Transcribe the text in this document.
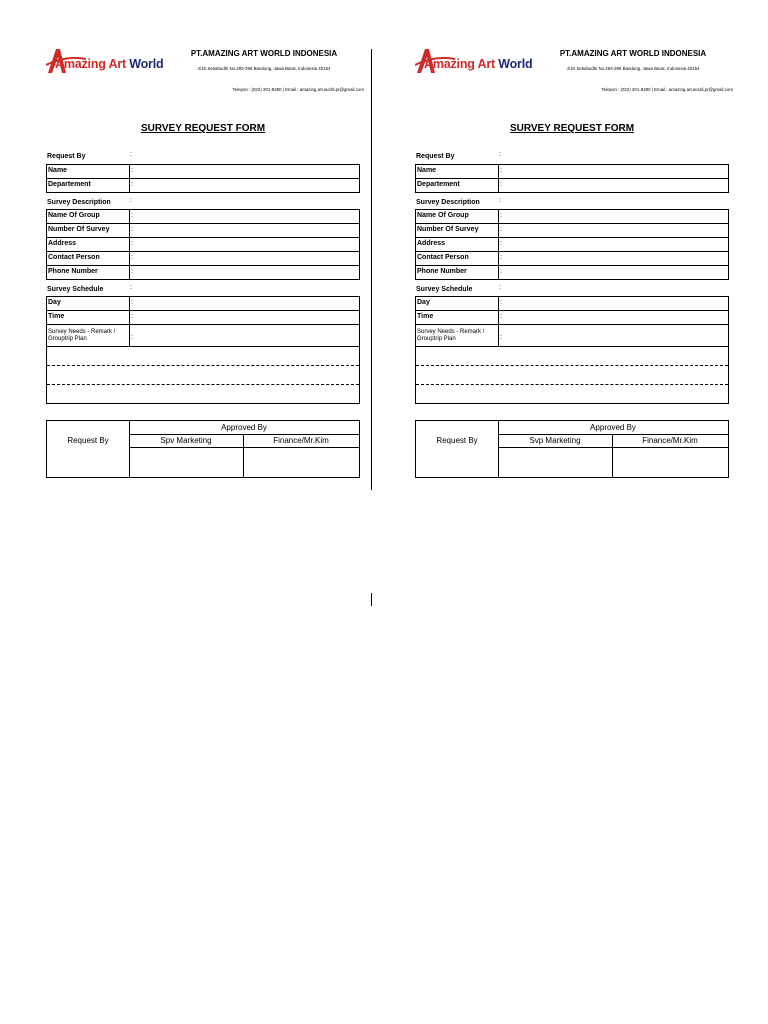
Amazing Art World
PT.AMAZING ART WORLD INDONESIA
Jl.Dr.Setiabudhi No.293-295 Bandung, Jawa Barat, Indonesia 40154
Telepon : (022) 201-8280 | Email : amazing.art.world.pr@gmail.com
SURVEY REQUEST FORM
Request By	:
Name	:
Departement	:
Survey Description	:
Name Of Group	:
Number Of Survey	:
Address	:
Contact Person	:
Phone Number	:
Survey Schedule	:
Day	:
Time	:
Survey Needs - Remark / Grouptrip Plan	:
Approved By
Request By	Spv Marketing	Finance/Mr.Kim
Amazing Art World
PT.AMAZING ART WORLD INDONESIA
Jl.Dr.Setiabudhi No.293-295 Bandung, Jawa Barat, Indonesia 40154
Telepon : (022) 201-8280 | Email : amazing.art.world.pr@gmail.com
SURVEY REQUEST FORM
Request By	:
Name	:
Departement	:
Survey Description	:
Name Of Group	:
Number Of Survey	:
Address	:
Contact Person	:
Phone Number	:
Survey Schedule	:
Day	:
Time	:
Survey Needs - Remark / Grouptrip Plan	:
Approved By
Request By	Svp Marketing	Finance/Mr.Kim
